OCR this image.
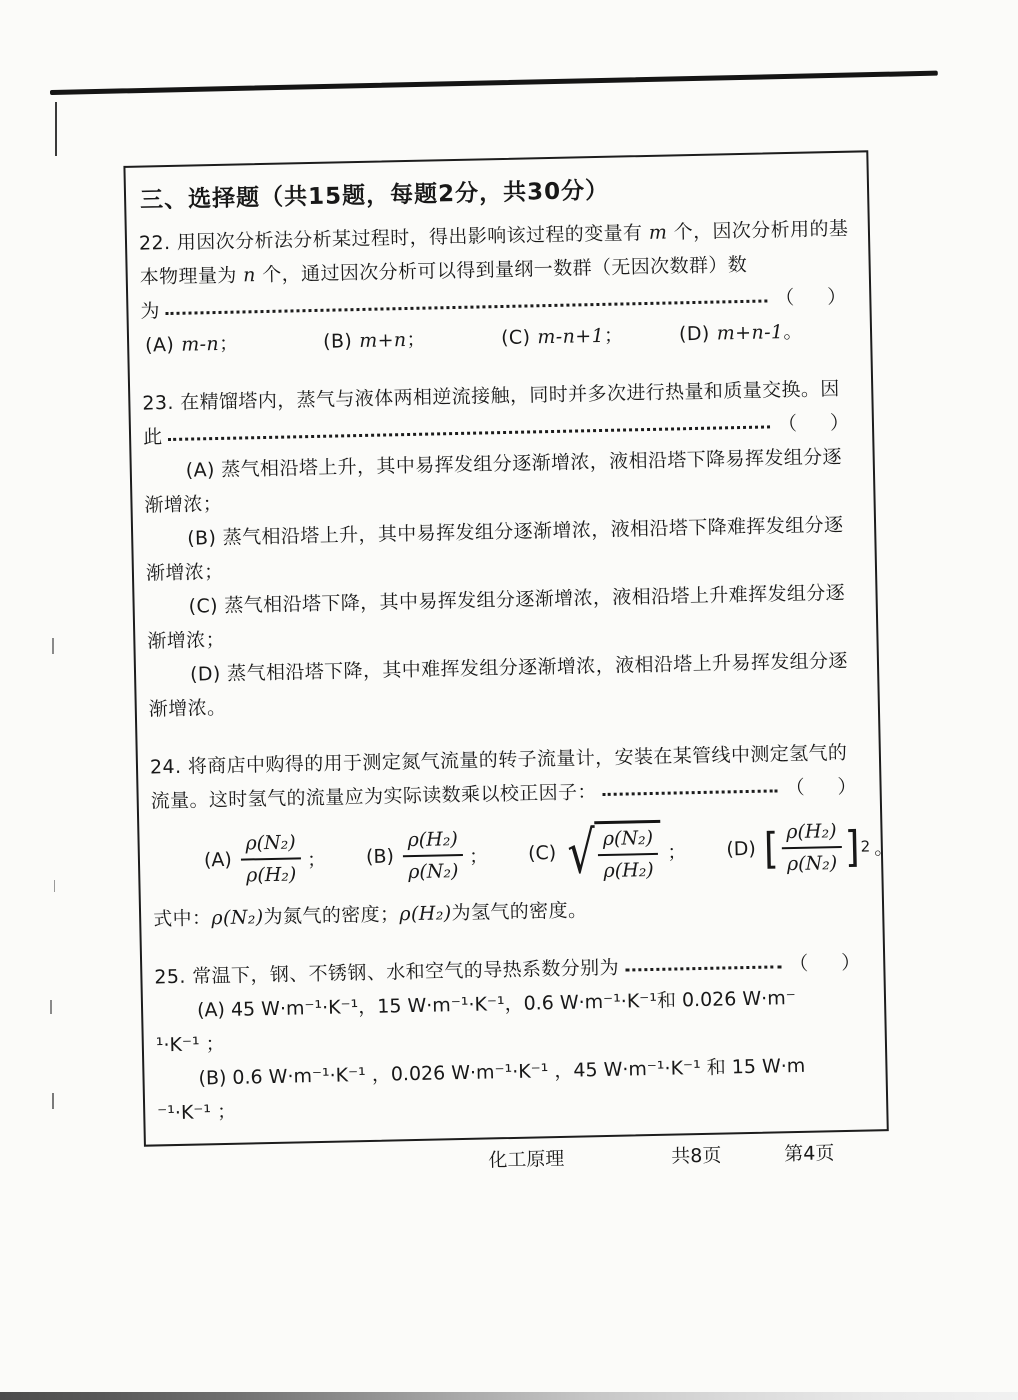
三、选择题（共15题，每题2分，共30分）
22. 用因次分析法分析某过程时，得出影响该过程的变量有 m 个，因次分析用的基
本物理量为 n 个，通过因次分析可以得到量纲一数群（无因次数群）数
为
（　）
(A) m-n；	(B) m+n；	(C) m-n+1；	(D) m+n-1。
23. 在精馏塔内，蒸气与液体两相逆流接触，同时并多次进行热量和质量交换。因
此
（　）
(A) 蒸气相沿塔上升，其中易挥发组分逐渐增浓，液相沿塔下降易挥发组分逐
渐增浓；
(B) 蒸气相沿塔上升，其中易挥发组分逐渐增浓，液相沿塔下降难挥发组分逐
渐增浓；
(C) 蒸气相沿塔下降，其中易挥发组分逐渐增浓，液相沿塔上升难挥发组分逐
渐增浓；
(D) 蒸气相沿塔下降，其中难挥发组分逐渐增浓，液相沿塔上升易挥发组分逐
渐增浓。
24. 将商店中购得的用于测定氮气流量的转子流量计，安装在某管线中测定氢气的
流量。这时氢气的流量应为实际读数乘以校正因子：	（　）
$(A) \frac{\text{ρ(N₂)}}{\text{ρ(H₂)}}$ ； $(B) \frac{\text{ρ(H₂)}}{\text{ρ(N₂)}}$ ； (C) √
$\frac{\text{ρ(N₂)}}{\text{ρ(H₂)}}$ ； (D) [ $\frac{\text{ρ(H₂)}}{\text{ρ(N₂)}}$ ] 2 。
式中：ρ(N₂)为氮气的密度；ρ(H₂)为氢气的密度。
25. 常温下，钢、不锈钢、水和空气的导热系数分别为	（　）
(A) 45 W·m⁻¹·K⁻¹，15 W·m⁻¹·K⁻¹，0.6 W·m⁻¹·K⁻¹和 0.026 W·m⁻
¹·K⁻¹ ；
(B) 0.6 W·m⁻¹·K⁻¹ ，0.026 W·m⁻¹·K⁻¹ ，45 W·m⁻¹·K⁻¹ 和 15 W·m
⁻¹·K⁻¹ ；
化工原理	共8页	第4页
